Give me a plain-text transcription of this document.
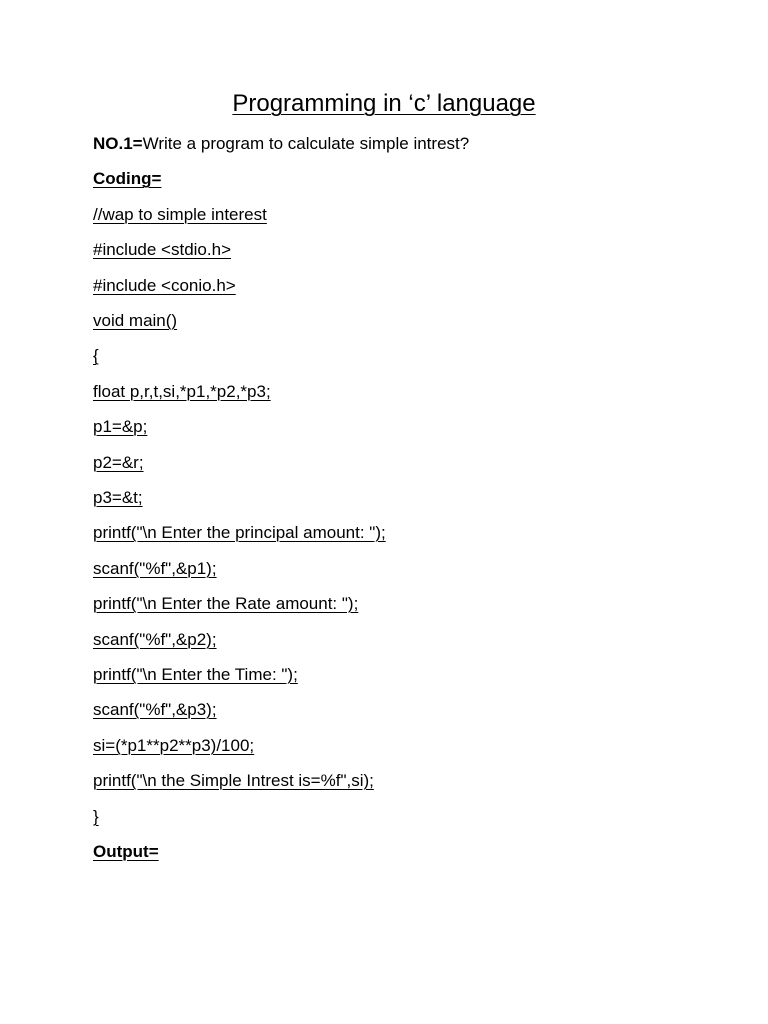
Programming in ‘c’ language

NO.1=Write a program to calculate simple intrest?

Coding=

//wap to simple interest

#include <stdio.h>

#include <conio.h>

void main()

{

float p,r,t,si,*p1,*p2,*p3;

p1=&p;

p2=&r;

p3=&t;

printf("\n Enter the principal amount: ");

scanf("%f",&p1);

printf("\n Enter the Rate amount: ");

scanf("%f",&p2);

printf("\n Enter the Time: ");

scanf("%f",&p3);

si=(*p1**p2**p3)/100;

printf("\n the Simple Intrest is=%f",si);

}

Output=
